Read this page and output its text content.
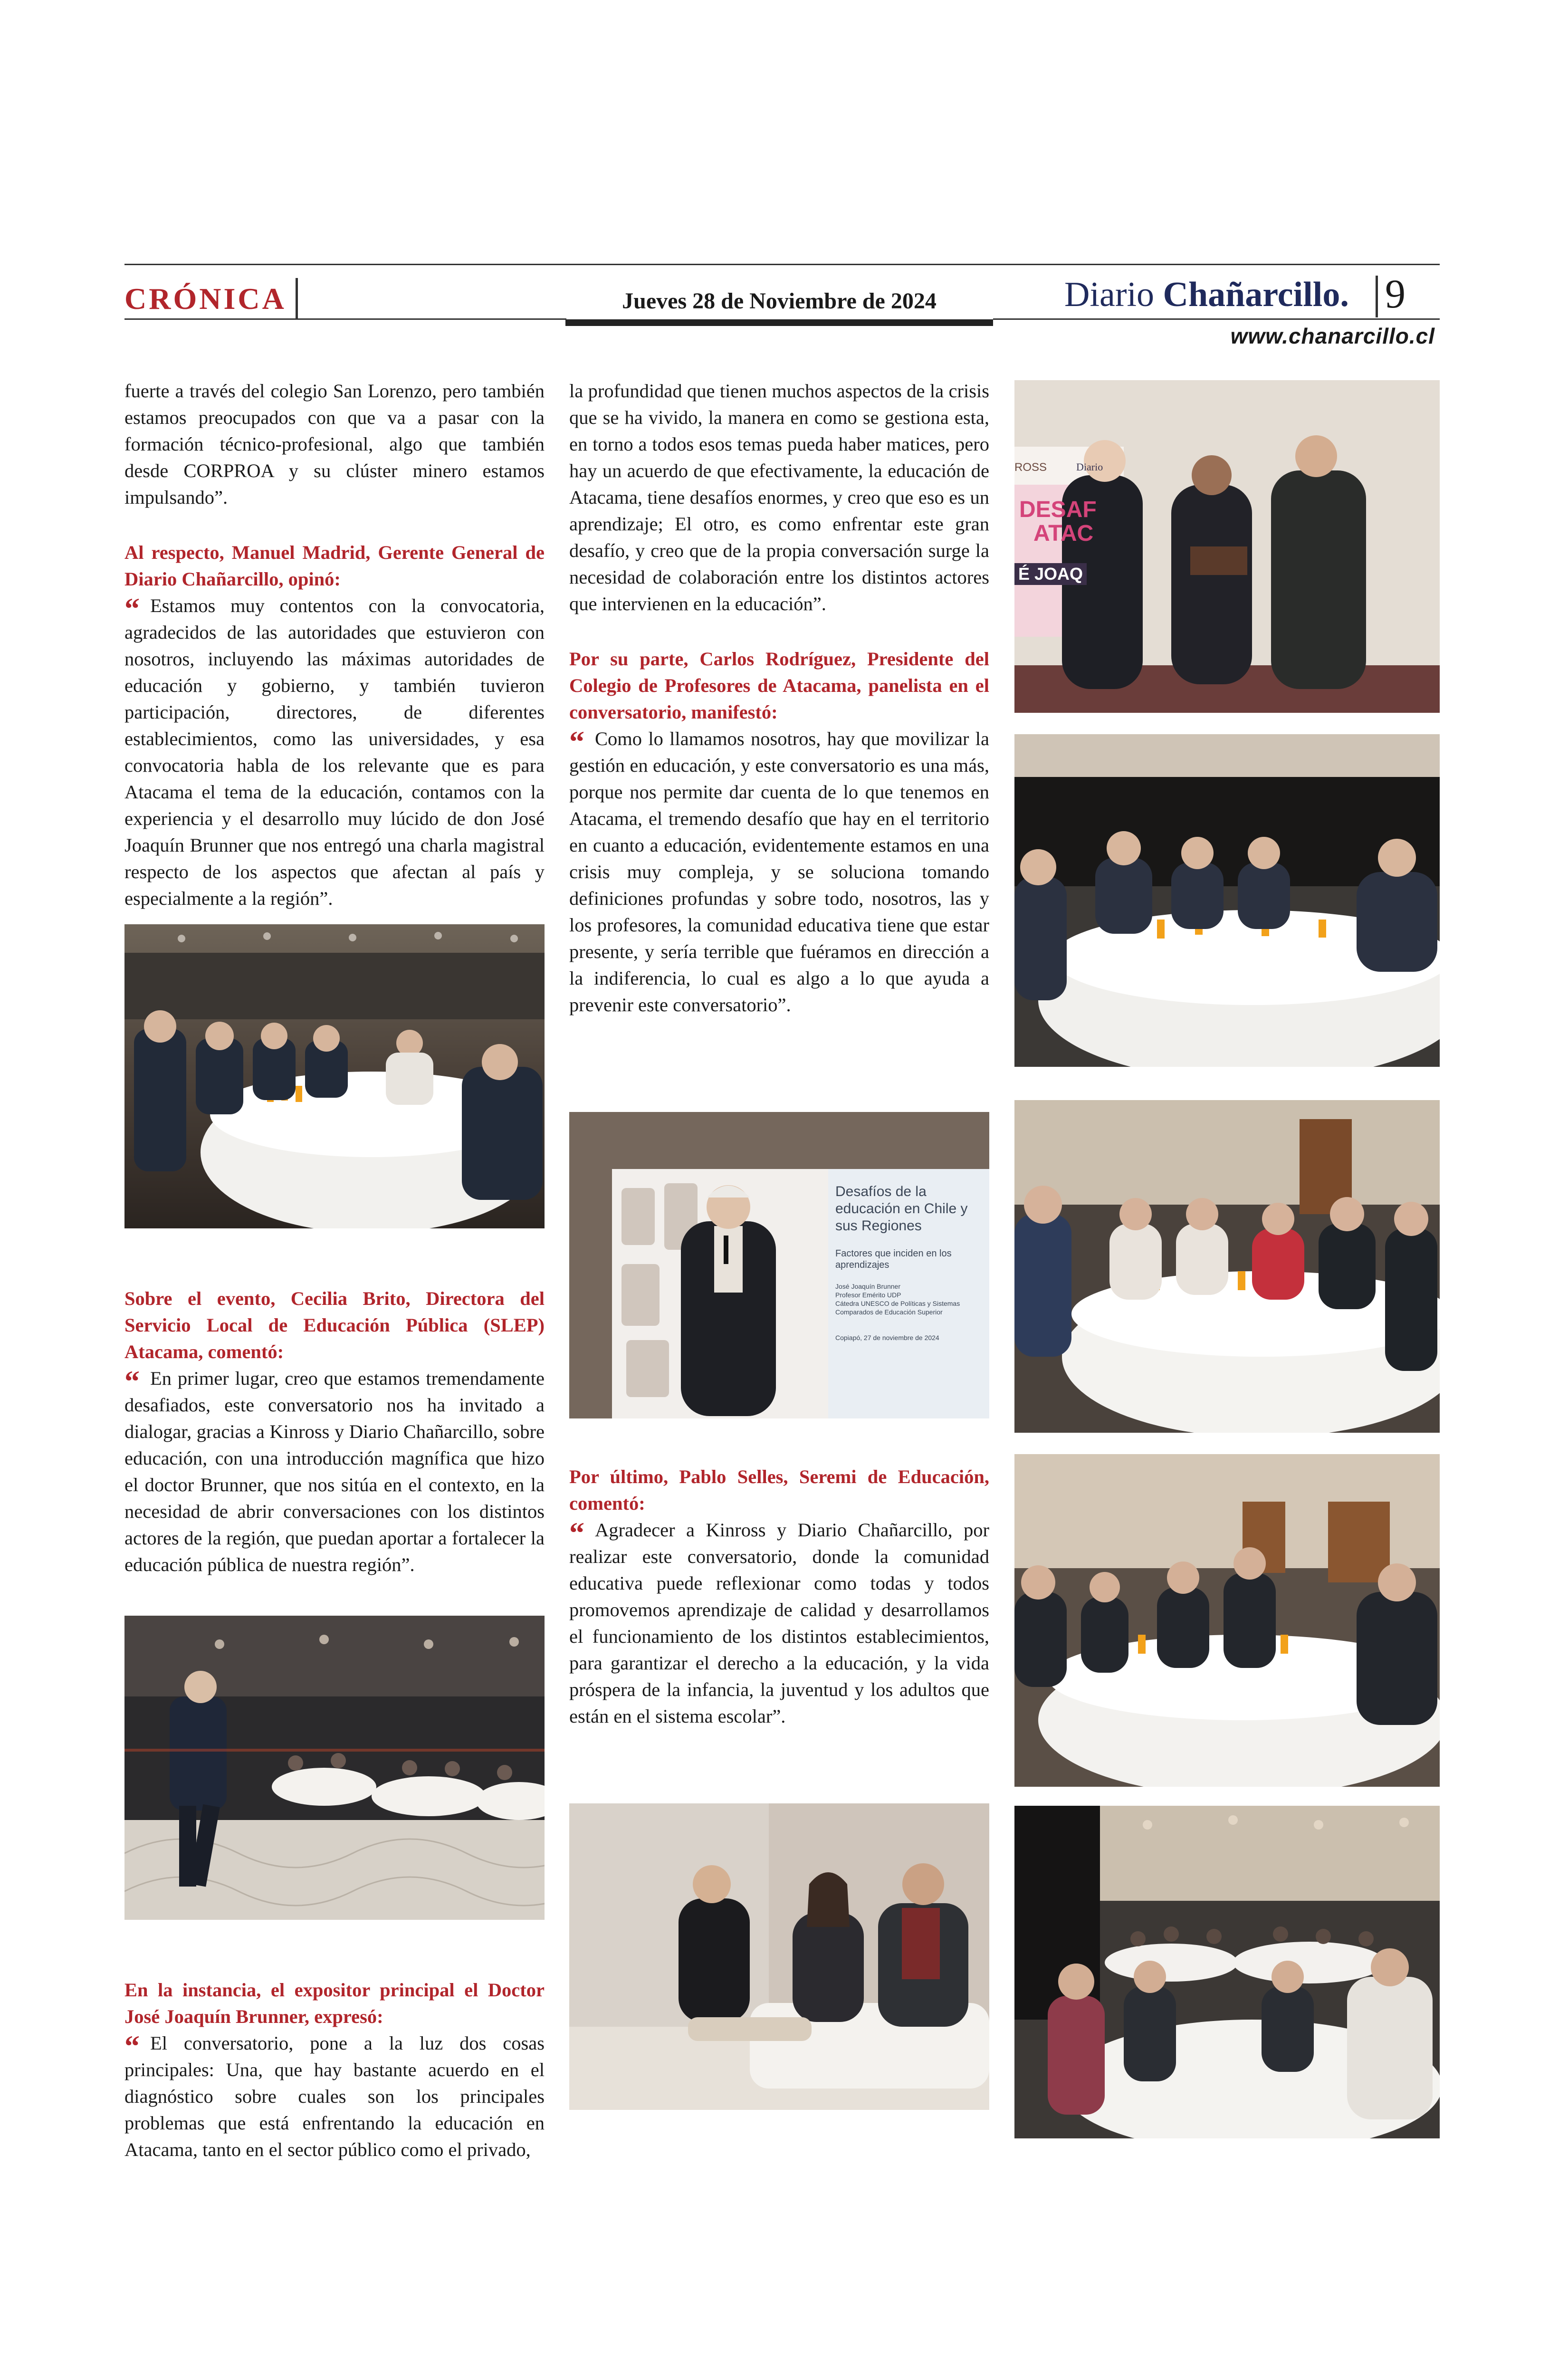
CRÓNICA	Jueves 28 de Noviembre de 2024	Diario Chañarcillo. 9
www.chanarcillo.cl

fuerte a través del colegio San Lorenzo, pero también estamos preocupados con que va a pasar con la formación técnico-profesional, algo que también desde CORPROA y su clúster minero estamos impulsando”.

Al respecto, Manuel Madrid, Gerente General de Diario Chañarcillo, opinó:

“ Estamos muy contentos con la convocatoria, agradecidos de las autoridades que estuvieron con nosotros, incluyendo las máximas autoridades de educación y gobierno, y también tuvieron participación, directores, de diferentes establecimientos, como las universidades, y esa convocatoria habla de los relevante que es para Atacama el tema de la educación, contamos con la experiencia y el desarrollo muy lúcido de don José Joaquín Brunner que nos entregó una charla magistral respecto de los aspectos que afectan al país y especialmente a la región”.

Sobre el evento, Cecilia Brito, Directora del Servicio Local de Educación Pública (SLEP) Atacama, comentó:

“ En primer lugar, creo que estamos tremendamente desafiados, este conversatorio nos ha invitado a dialogar, gracias a Kinross y Diario Chañarcillo, sobre educación, con una introducción magnífica que hizo el doctor Brunner, que nos sitúa en el contexto, en la necesidad de abrir conversaciones con los distintos actores de la región, que puedan aportar a fortalecer la educación pública de nuestra región”.

En la instancia, el expositor principal el Doctor José Joaquín Brunner, expresó:

“ El conversatorio, pone a la luz dos cosas principales: Una, que hay bastante acuerdo en el diagnóstico sobre cuales son los principales problemas que está enfrentando la educación en Atacama, tanto en el sector público como el privado,

la profundidad que tienen muchos aspectos de la crisis que se ha vivido, la manera en como se gestiona esta, en torno a todos esos temas pueda haber matices, pero hay un acuerdo de que efectivamente, la educación de Atacama, tiene desafíos enormes, y creo que eso es un aprendizaje; El otro, es como enfrentar este gran desafío, y creo que de la propia conversación surge la necesidad de colaboración entre los distintos actores que intervienen en la educación”.

Por su parte, Carlos Rodríguez, Presidente del Colegio de Profesores de Atacama, panelista en el conversatorio, manifestó:

“ Como lo llamamos nosotros, hay que movilizar la gestión en educación, y este conversatorio es una más, porque nos permite dar cuenta de lo que tenemos en Atacama, el tremendo desafío que hay en el territorio en cuanto a educación, evidentemente estamos en una crisis muy compleja, y se soluciona tomando definiciones profundas y sobre todo, nosotros, las y los profesores, la comunidad educativa tiene que estar presente, y sería terrible que fuéramos en dirección a la indiferencia, lo cual es algo a lo que ayuda a prevenir este conversatorio”.

Desafíos de la educación en Chile y sus Regiones
Factores que inciden en los aprendizajes
José Joaquín Brunner
Profesor Emérito UDP
Cátedra UNESCO de Políticas y Sistemas Comparados de Educación Superior
Copiapó, 27 de noviembre de 2024

Por último, Pablo Selles, Seremi de Educación, comentó:

“ Agradecer a Kinross y Diario Chañarcillo, por realizar este conversatorio, donde la comunidad educativa puede reflexionar como todas y todos promovemos aprendizaje de calidad y desarrollamos el funcionamiento de los distintos establecimientos, para garantizar el derecho a la educación, y la vida próspera de la infancia, la juventud y los adultos que están en el sistema escolar”.

ROSS	Diario
DESAF
ATAC
É JOAQ
